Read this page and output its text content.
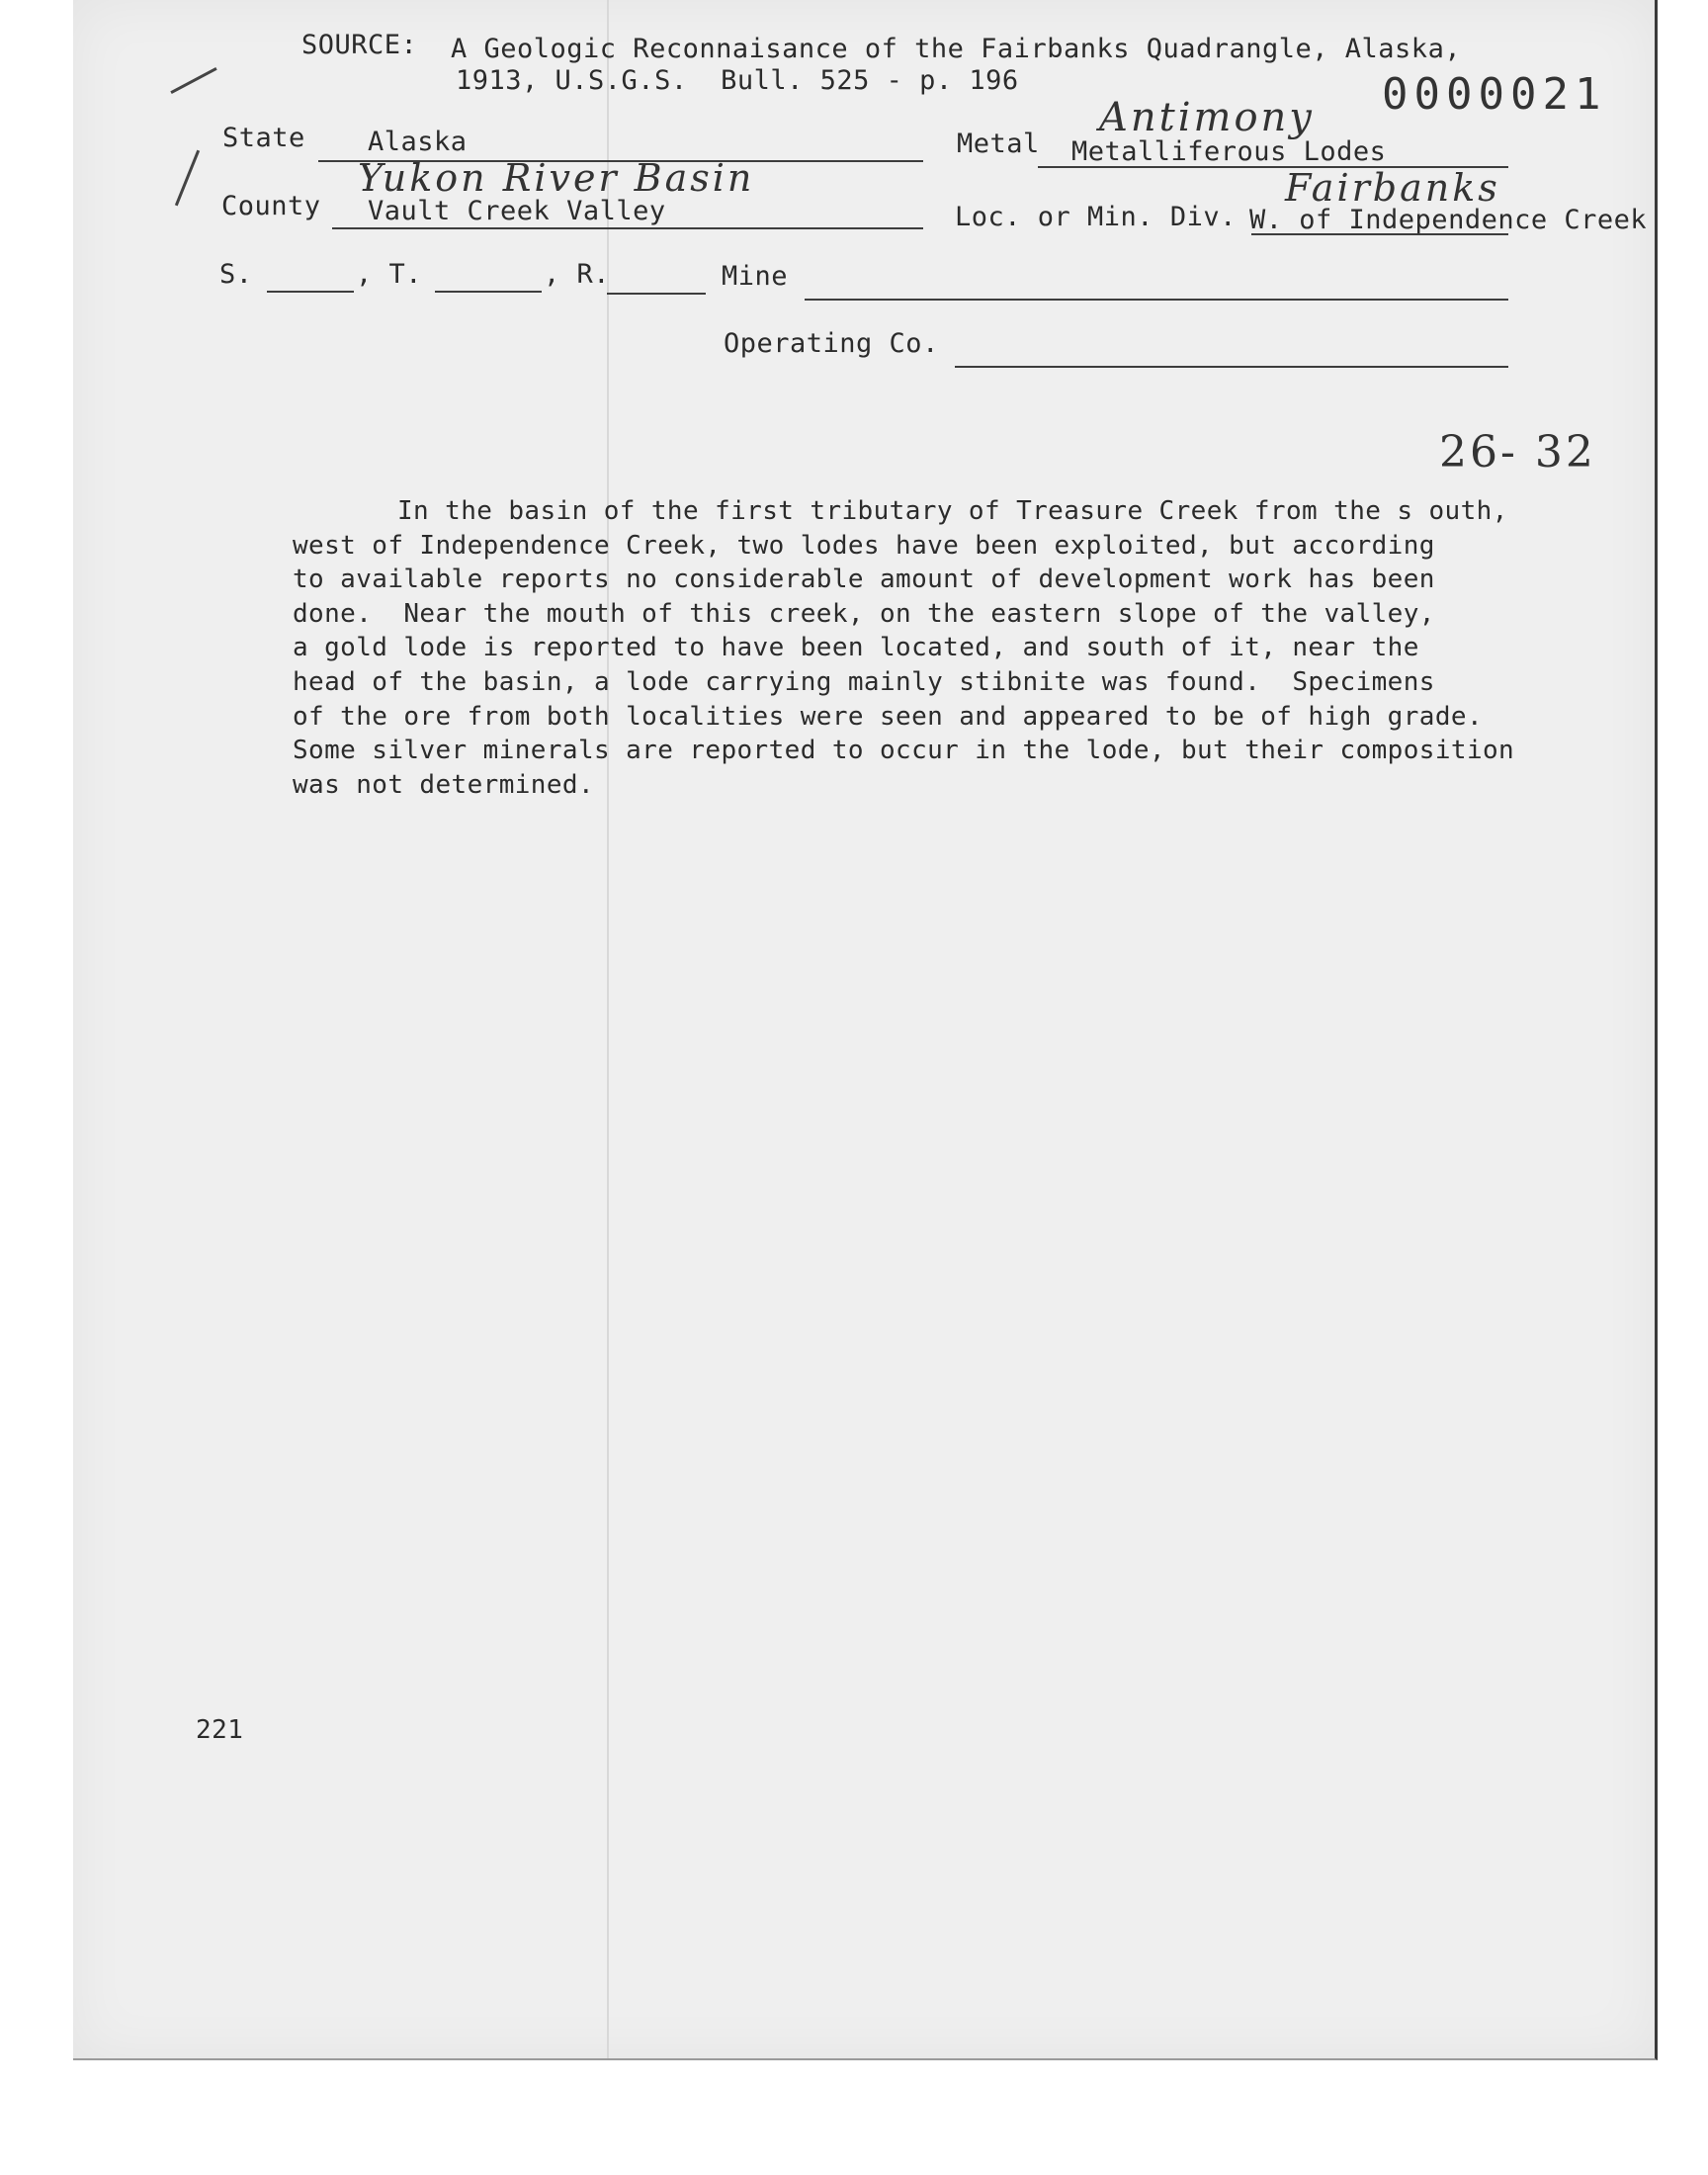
SOURCE: A Geologic Reconnaisance of the Fairbanks Quadrangle, Alaska,
1913, U.S.G.S.  Bull. 525 - p. 196	0000021
State Alaska	Metal
Antimony
Metalliferous Lodes
Yukon River Basin
County Vault Creek Valley
Fairbanks
Loc. or Min. Div. W. of Independence Creek
S.	, T.	, R.	Mine
Operating Co.
26- 32
In the basin of the first tributary of Treasure Creek from the s outh,
west of Independence Creek, two lodes have been exploited, but according
to available reports no considerable amount of development work has been
done.  Near the mouth of this creek, on the eastern slope of the valley,
a gold lode is reported to have been located, and south of it, near the
head of the basin, a lode carrying mainly stibnite was found.  Specimens
of the ore from both localities were seen and appeared to be of high grade.
Some silver minerals are reported to occur in the lode, but their composition
was not determined.
221
